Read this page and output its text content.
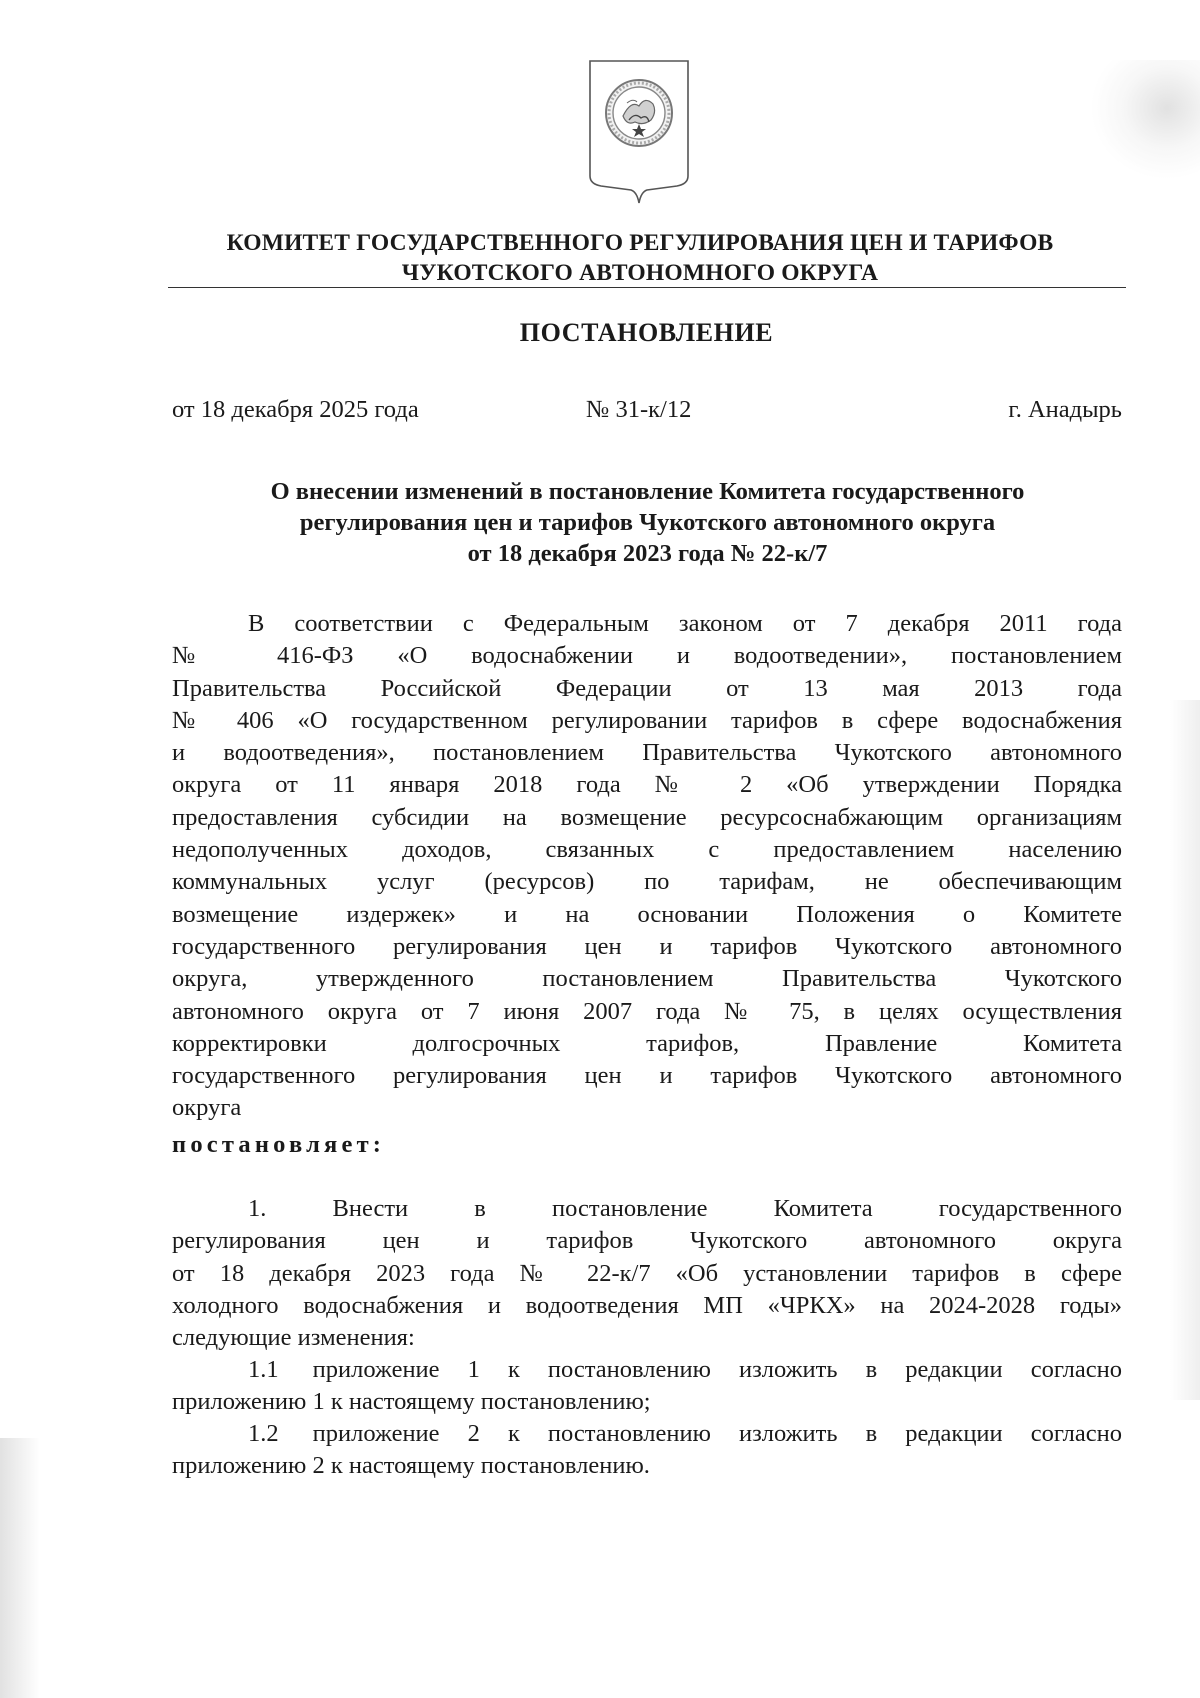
КОМИТЕТ ГОСУДАРСТВЕННОГО РЕГУЛИРОВАНИЯ ЦЕН И ТАРИФОВ
ЧУКОТСКОГО АВТОНОМНОГО ОКРУГА
ПОСТАНОВЛЕНИЕ
от 18 декабря 2025 года	№ 31-к/12	г. Анадырь
О внесении изменений в постановление Комитета государственного
регулирования цен и тарифов Чукотского автономного округа
от 18 декабря 2023 года № 22-к/7
В соответствии с Федеральным законом от 7 декабря 2011 года
№ 416-ФЗ «О водоснабжении и водоотведении», постановлением
Правительства Российской Федерации от 13 мая 2013 года
№ 406 «О государственном регулировании тарифов в сфере водоснабжения
и водоотведения», постановлением Правительства Чукотского автономного
округа от 11 января 2018 года № 2 «Об утверждении Порядка
предоставления субсидии на возмещение ресурсоснабжающим организациям
недополученных доходов, связанных с предоставлением населению
коммунальных услуг (ресурсов) по тарифам, не обеспечивающим
возмещение издержек» и на основании Положения о Комитете
государственного регулирования цен и тарифов Чукотского автономного
округа, утвержденного постановлением Правительства Чукотского
автономного округа от 7 июня 2007 года № 75, в целях осуществления
корректировки долгосрочных тарифов, Правление Комитета
государственного регулирования цен и тарифов Чукотского автономного
округа
постановляет:
1. Внести в постановление Комитета государственного
регулирования цен и тарифов Чукотского автономного округа
от 18 декабря 2023 года № 22-к/7 «Об установлении тарифов в сфере
холодного водоснабжения и водоотведения МП «ЧРКХ» на 2024-2028 годы»
следующие изменения:
1.1 приложение 1 к постановлению изложить в редакции согласно
приложению 1 к настоящему постановлению;
1.2 приложение 2 к постановлению изложить в редакции согласно
приложению 2 к настоящему постановлению.
